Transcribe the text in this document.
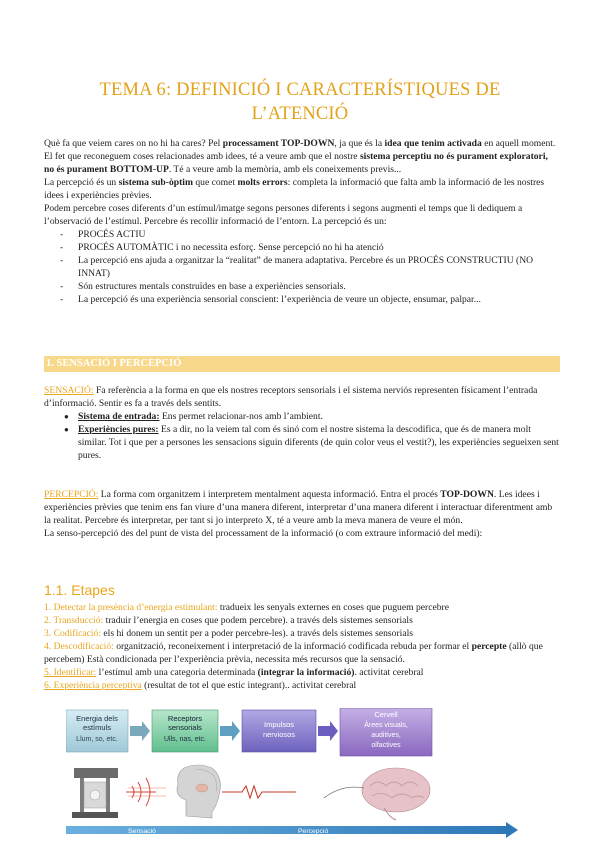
TEMA 6: DEFINICIÓ I CARACTERÍSTIQUES DE
L’ATENCIÓ

Què fa que veiem cares on no hi ha cares? Pel processament TOP-DOWN, ja que és la idea que tenim activada en aquell moment. El fet que reconeguem coses relacionades amb idees, té a veure amb que el nostre sistema perceptiu no és purament exploratori, no és purament BOTTOM-UP. Té a veure amb la memòria, amb els coneixements previs...

La percepció és un sistema sub-òptim que comet molts errors: completa la informació que falta amb la informació de les nostres idees i experiències prèvies.

Podem percebre coses diferents d’un estímul/imatge segons persones diferents i segons augmenti el temps que li dediquem a l’observació de l’estímul. Percebre és recollir informació de l’entorn. La percepció és un:

- PROCÉS ACTIU

- PROCÉS AUTOMÀTIC i no necessita esforç. Sense percepció no hi ha atenció

- La percepció ens ajuda a organitzar la “realitat” de manera adaptativa. Percebre és un PROCÉS CONSTRUCTIU (NO INNAT)

- Són estructures mentals construïdes en base a experiències sensorials.

- La percepció és una experiència sensorial conscient: l’experiència de veure un objecte, ensumar, palpar...

1. SENSACIÓ I PERCEPCIÓ

SENSACIÓ: Fa referència a la forma en que els nostres receptors sensorials i el sistema nerviós representen físicament l’entrada d’informació. Sentir es fa a través dels sentits.

● Sistema de entrada: Ens permet relacionar-nos amb l’ambient.

● Experiències pures: Es a dir, no la veiem tal com és sinó com el nostre sistema la descodifica, que és de manera molt similar. Tot i que per a persones les sensacions siguin diferents (de quin color veus el vestit?), les experiències segueixen sent pures.

PERCEPCIÓ: La forma com organitzem i interpretem mentalment aquesta informació. Entra el procés TOP-DOWN. Les idees i experiències prèvies que tenim ens fan viure d’una manera diferent, interpretar d’una manera diferent i interactuar diferentment amb la realitat. Percebre és interpretar, per tant si jo interpreto X, té a veure amb la meva manera de veure el món.

La senso-percepció des del punt de vista del processament de la informació (o com extraure informació del medi):

1.1. Etapes

1. Detectar la presència d’energia estimulant: tradueix les senyals externes en coses que puguem percebre

2. Transducció: traduir l’energia en coses que podem percebre). a través dels sistemes sensorials

3. Codificació: els hi donem un sentit per a poder percebre-les). a través dels sistemes sensorials

4. Descodificació: organització, reconeixement i interpretació de la informació codificada rebuda per formar el percepte (allò que percebem) Està condicionada per l’experiència prèvia, necessita més recursos que la sensació.

5. Identificar: l’estímul amb una categoria determinada (integrar la informació). activitat cerebral

6. Experiència perceptiva (resultat de tot el que estic integrant).. activitat cerebral

Energia dels
estímuls
Llum, so, etc.
Receptors
sensorials
Ulls, nas, etc.
Impulsos
nerviosos
Cervell
Àrees visuals,
auditives,
olfactives
Sensació	Percepció
